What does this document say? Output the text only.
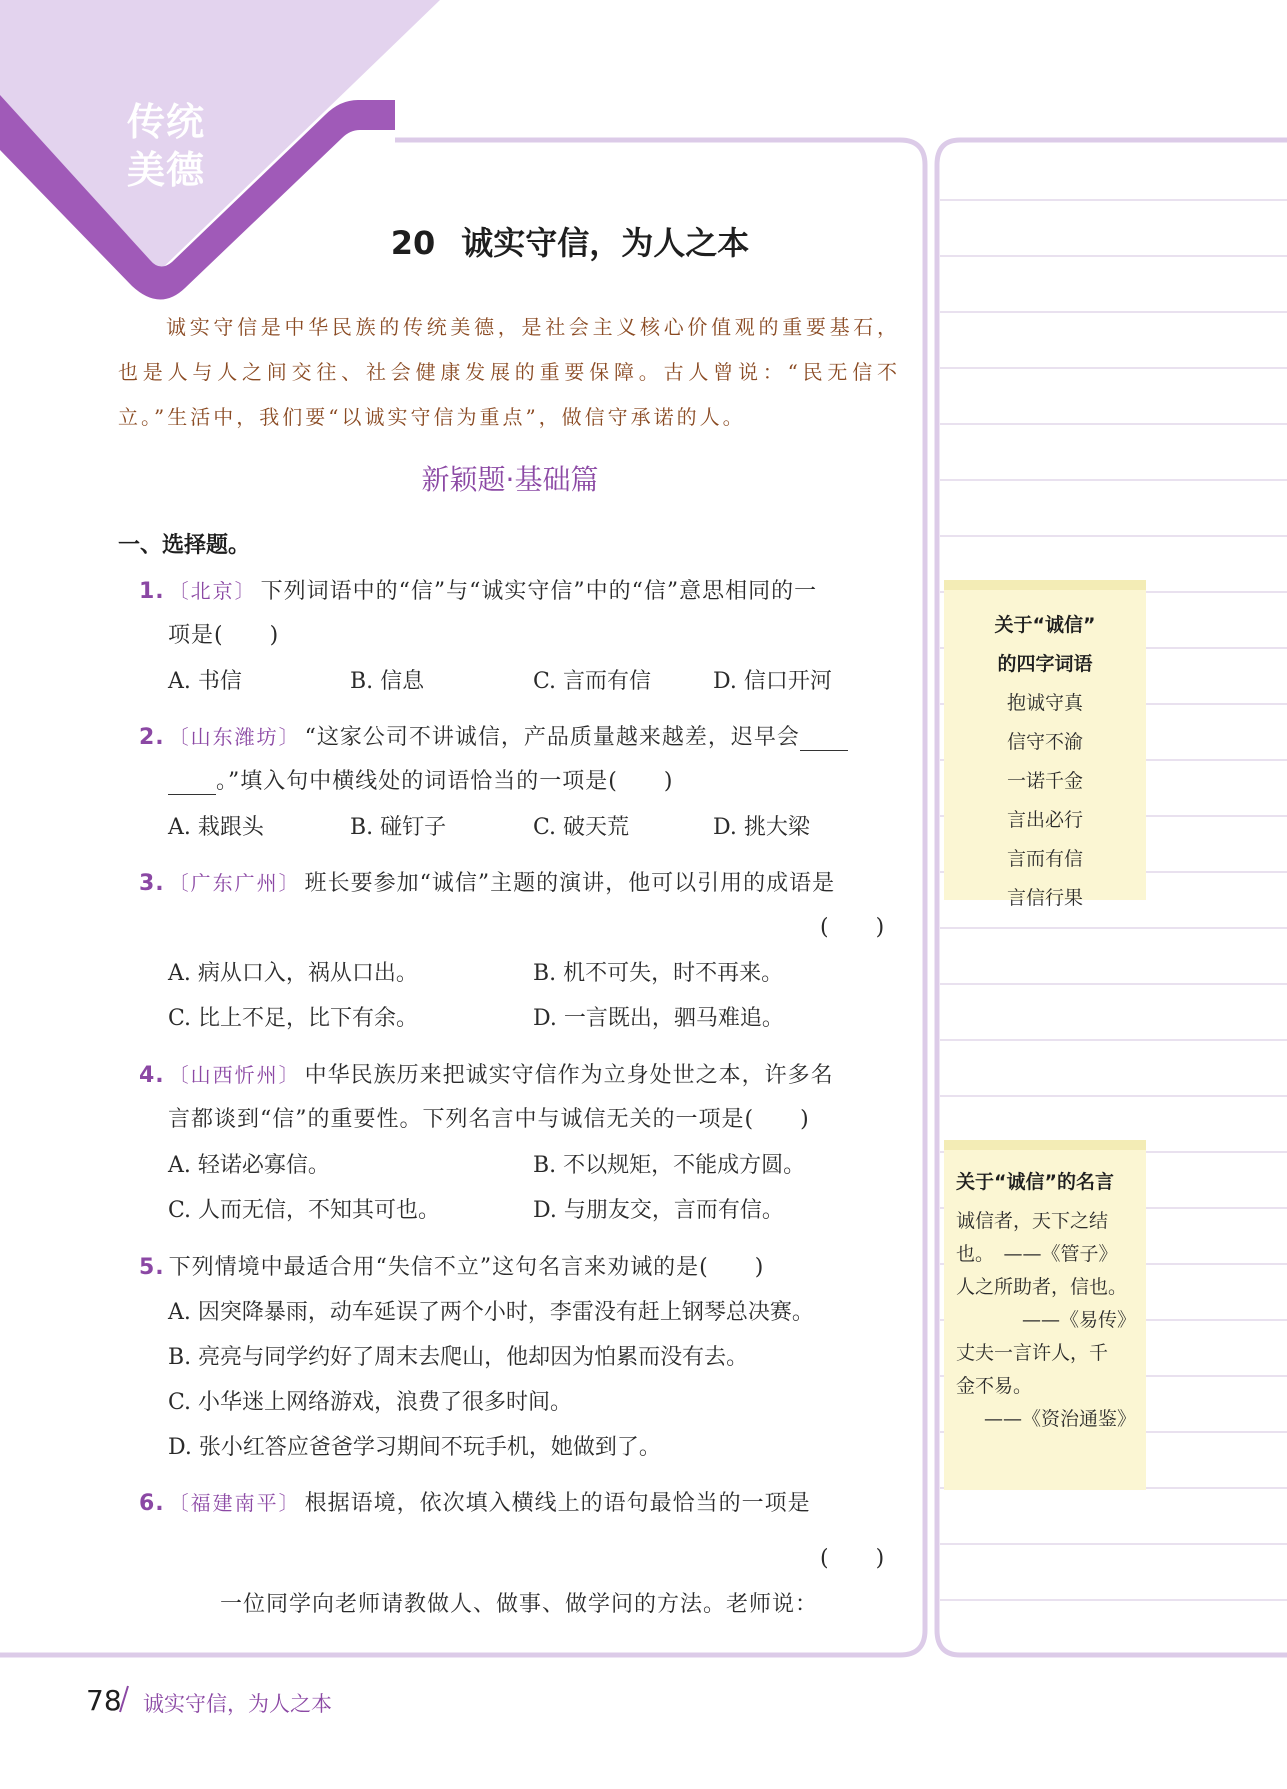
传统
美德
20 诚实守信，为人之本
诚实守信是中华民族的传统美德，是社会主义核心价值观的重要基石，也是人与人之间交往、社会健康发展的重要保障。古人曾说：“民无信不立。”生活中，我们要“以诚实守信为重点”，做信守承诺的人。
新颖题·基础篇
一、选择题。
1. 〔北京〕 下列词语中的“信”与“诚实守信”中的“信”意思相同的一
项是(　　)
A. 书信	B. 信息	C. 言而有信	D. 信口开河
2. 〔山东潍坊〕 “这家公司不讲诚信，产品质量越来越差，迟早会
。”填入句中横线处的词语恰当的一项是(　　)
A. 栽跟头	B. 碰钉子	C. 破天荒	D. 挑大梁
3. 〔广东广州〕 班长要参加“诚信”主题的演讲，他可以引用的成语是
(　　)
A. 病从口入，祸从口出。	B. 机不可失，时不再来。
C. 比上不足，比下有余。	D. 一言既出，驷马难追。
4. 〔山西忻州〕 中华民族历来把诚实守信作为立身处世之本，许多名
言都谈到“信”的重要性。下列名言中与诚信无关的一项是(　　)
A. 轻诺必寡信。	B. 不以规矩，不能成方圆。
C. 人而无信，不知其可也。	D. 与朋友交，言而有信。
5. 下列情境中最适合用“失信不立”这句名言来劝诫的是(　　)
A. 因突降暴雨，动车延误了两个小时，李雷没有赶上钢琴总决赛。
B. 亮亮与同学约好了周末去爬山，他却因为怕累而没有去。
C. 小华迷上网络游戏，浪费了很多时间。
D. 张小红答应爸爸学习期间不玩手机，她做到了。
6. 〔福建南平〕 根据语境，依次填入横线上的语句最恰当的一项是
(　　)
一位同学向老师请教做人、做事、做学问的方法。老师说：
关于“诚信”
的四字词语
抱诚守真
信守不渝
一诺千金
言出必行
言而有信
言信行果
关于“诚信”的名言
诚信者，天下之结
也。　——《管子》
人之所助者，信也。
——《易传》
丈夫一言许人，千
金不易。
——《资治通鉴》
78 诚实守信，为人之本
